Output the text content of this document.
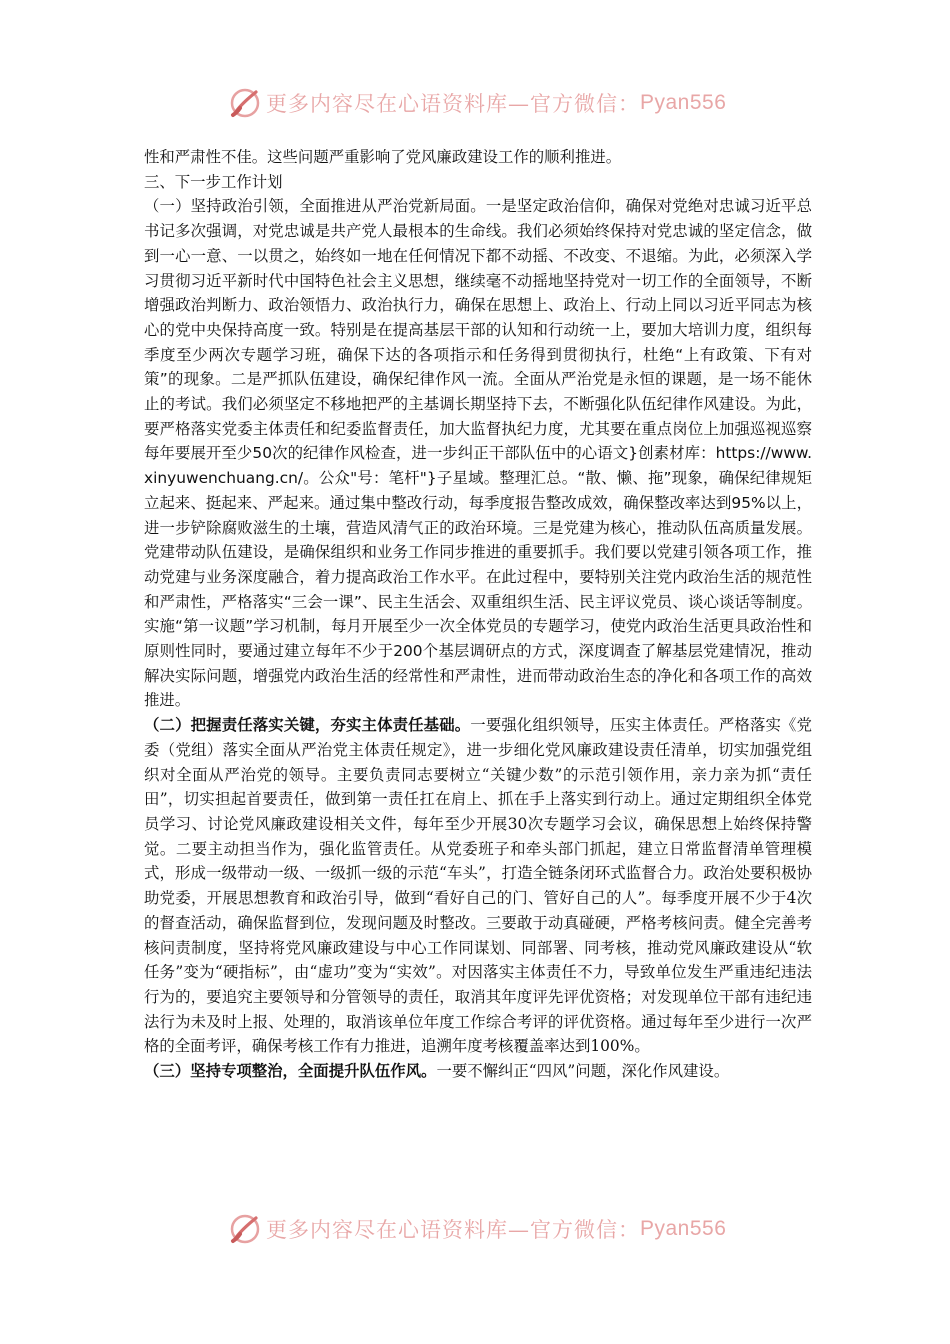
更多内容尽在心语资料库—官方微信： Pyan556

性和严肃性不佳。这些问题严重影响了党风廉政建设工作的顺利推进。

三、下一步工作计划

（一）坚持政治引领，全面推进从严治党新局面。一是坚定政治信仰，确保对党绝对忠诚习近平总书记多次强调，对党忠诚是共产党人最根本的生命线。我们必须始终保持对党忠诚的坚定信念，做到一心一意、一以贯之，始终如一地在任何情况下都不动摇、不改变、不退缩。为此，必须深入学习贯彻习近平新时代中国特色社会主义思想，继续毫不动摇地坚持党对一切工作的全面领导，不断增强政治判断力、政治领悟力、政治执行力，确保在思想上、政治上、行动上同以习近平同志为核心的党中央保持高度一致。特别是在提高基层干部的认知和行动统一上，要加大培训力度，组织每季度至少两次专题学习班，确保下达的各项指示和任务得到贯彻执行，杜绝“上有政策、下有对策”的现象。二是严抓队伍建设，确保纪律作风一流。全面从严治党是永恒的课题，是一场不能休止的考试。我们必须坚定不移地把严的主基调长期坚持下去，不断强化队伍纪律作风建设。为此，要严格落实党委主体责任和纪委监督责任，加大监督执纪力度，尤其要在重点岗位上加强巡视巡察每年要展开至少50次的纪律作风检查，进一步纠正干部队伍中的心语文}创素材库：https://www.xinyuwenchuang.cn/。公众"号：笔杆"}子星域。整理汇总。“散、懒、拖”现象，确保纪律规矩立起来、挺起来、严起来。通过集中整改行动，每季度报告整改成效，确保整改率达到95%以上，进一步铲除腐败滋生的土壤，营造风清气正的政治环境。三是党建为核心，推动队伍高质量发展。党建带动队伍建设，是确保组织和业务工作同步推进的重要抓手。我们要以党建引领各项工作，推动党建与业务深度融合，着力提高政治工作水平。在此过程中，要特别关注党内政治生活的规范性和严肃性，严格落实“三会一课”、民主生活会、双重组织生活、民主评议党员、谈心谈话等制度。实施“第一议题”学习机制，每月开展至少一次全体党员的专题学习，使党内政治生活更具政治性和原则性同时，要通过建立每年不少于200个基层调研点的方式，深度调查了解基层党建情况，推动解决实际问题，增强党内政治生活的经常性和严肃性，进而带动政治生态的净化和各项工作的高效推进。

（二）把握责任落实关键，夯实主体责任基础。一要强化组织领导，压实主体责任。严格落实《党委（党组）落实全面从严治党主体责任规定》，进一步细化党风廉政建设责任清单，切实加强党组织对全面从严治党的领导。主要负责同志要树立“关键少数”的示范引领作用，亲力亲为抓“责任田”，切实担起首要责任，做到第一责任扛在肩上、抓在手上落实到行动上。通过定期组织全体党员学习、讨论党风廉政建设相关文件，每年至少开展30次专题学习会议，确保思想上始终保持警觉。二要主动担当作为，强化监管责任。从党委班子和牵头部门抓起，建立日常监督清单管理模式，形成一级带动一级、一级抓一级的示范“车头”，打造全链条闭环式监督合力。政治处要积极协助党委，开展思想教育和政治引导，做到“看好自己的门、管好自己的人”。每季度开展不少于4次的督查活动，确保监督到位，发现问题及时整改。三要敢于动真碰硬，严格考核问责。健全完善考核问责制度，坚持将党风廉政建设与中心工作同谋划、同部署、同考核，推动党风廉政建设从“软任务”变为“硬指标”，由“虚功”变为“实效”。对因落实主体责任不力，导致单位发生严重违纪违法行为的，要追究主要领导和分管领导的责任，取消其年度评先评优资格；对发现单位干部有违纪违法行为未及时上报、处理的，取消该单位年度工作综合考评的评优资格。通过每年至少进行一次严格的全面考评，确保考核工作有力推进，追溯年度考核覆盖率达到100%。

（三）坚持专项整治，全面提升队伍作风。一要不懈纠正“四风”问题，深化作风建设。

更多内容尽在心语资料库—官方微信： Pyan556
